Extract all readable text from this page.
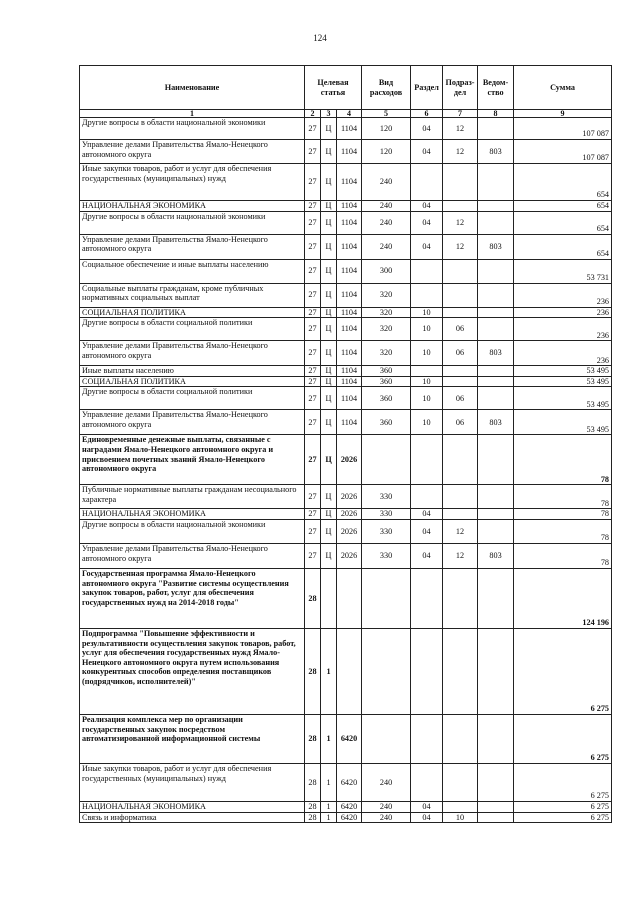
124
Наименование	Целевая статья			Вид расходов	Раздел	Подраз-дел	Ведом-ство	Сумма
1	2	3	4	5	6	7	8	9
Другие вопросы в области национальной экономики	27	Ц	1104	120	04	12		107 087
Управление делами Правительства Ямало-Ненецкого автономного округа	27	Ц	1104	120	04	12	803	107 087
Иные закупки товаров, работ и услуг для обеспечения государственных (муниципальных) нужд	27	Ц	1104	240				654
НАЦИОНАЛЬНАЯ ЭКОНОМИКА	27	Ц	1104	240	04			654
Другие вопросы в области национальной экономики	27	Ц	1104	240	04	12		654
Управление делами Правительства Ямало-Ненецкого автономного округа	27	Ц	1104	240	04	12	803	654
Социальное обеспечение и иные выплаты населению	27	Ц	1104	300				53 731
Социальные выплаты гражданам, кроме публичных нормативных социальных выплат	27	Ц	1104	320				236
СОЦИАЛЬНАЯ ПОЛИТИКА	27	Ц	1104	320	10			236
Другие вопросы в области социальной политики	27	Ц	1104	320	10	06		236
Управление делами Правительства Ямало-Ненецкого автономного округа	27	Ц	1104	320	10	06	803	236
Иные выплаты населению	27	Ц	1104	360				53 495
СОЦИАЛЬНАЯ ПОЛИТИКА	27	Ц	1104	360	10			53 495
Другие вопросы в области социальной политики	27	Ц	1104	360	10	06		53 495
Управление делами Правительства Ямало-Ненецкого автономного округа	27	Ц	1104	360	10	06	803	53 495
Единовременные денежные выплаты, связанные с наградами Ямало-Ненецкого автономного округа и присвоением почетных званий Ямало-Ненецкого автономного округа	27	Ц	2026					78
Публичные нормативные выплаты гражданам несоциального характера	27	Ц	2026	330				78
НАЦИОНАЛЬНАЯ ЭКОНОМИКА	27	Ц	2026	330	04			78
Другие вопросы в области национальной экономики	27	Ц	2026	330	04	12		78
Управление делами Правительства Ямало-Ненецкого автономного округа	27	Ц	2026	330	04	12	803	78
Государственная программа Ямало-Ненецкого автономного округа "Развитие системы осуществления закупок товаров, работ, услуг для обеспечения государственных нужд на 2014-2018 годы"	28							124 196
Подпрограмма "Повышение эффективности и результативности осуществления закупок товаров, работ, услуг для обеспечения государственных нужд Ямало-Ненецкого автономного округа путем использования конкурентных способов определения поставщиков (подрядчиков, исполнителей)"	28	1						6 275
Реализация комплекса мер по организации государственных закупок посредством автоматизированной информационной системы	28	1	6420					6 275
Иные закупки товаров, работ и услуг для обеспечения государственных (муниципальных) нужд	28	1	6420	240				6 275
НАЦИОНАЛЬНАЯ ЭКОНОМИКА	28	1	6420	240	04			6 275
Связь и информатика	28	1	6420	240	04	10		6 275
